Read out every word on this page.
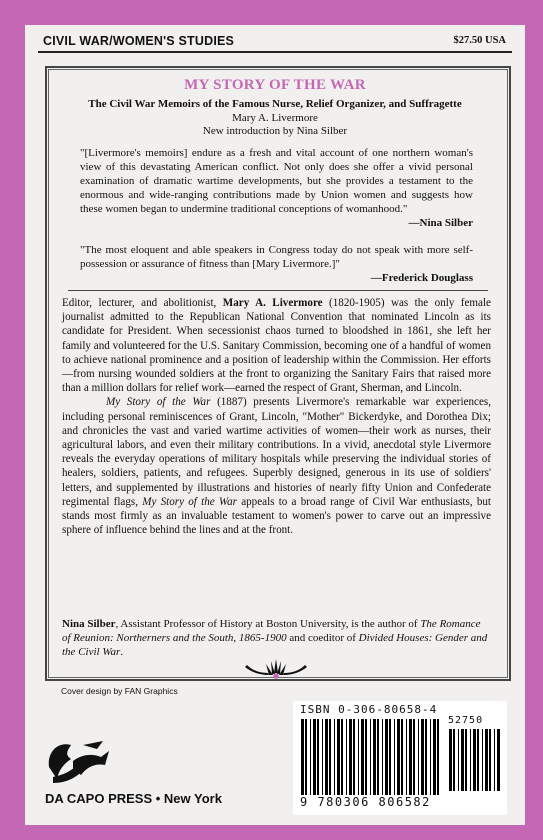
CIVIL WAR/WOMEN'S STUDIES	$27.50 USA
MY STORY OF THE WAR
The Civil War Memoirs of the Famous Nurse, Relief Organizer, and Suffragette
Mary A. Livermore
New introduction by Nina Silber
"[Livermore's memoirs] endure as a fresh and vital account of one northern woman's view of this devastating American conflict. Not only does she offer a vivid personal examination of dramatic wartime developments, but she provides a testament to the enormous and wide-ranging contributions made by Union women and suggests how these women began to undermine traditional conceptions of womanhood."
—Nina Silber
"The most eloquent and able speakers in Congress today do not speak with more self-possession or assurance of fitness than [Mary Livermore.]"
—Frederick Douglass

Editor, lecturer, and abolitionist, Mary A. Livermore (1820-1905) was the only female journalist admitted to the Republican National Convention that nominated Lincoln as its candidate for President. When secessionist chaos turned to bloodshed in 1861, she left her family and volunteered for the U.S. Sanitary Commission, becoming one of a handful of women to achieve national prominence and a position of leadership within the Commission. Her efforts—from nursing wounded soldiers at the front to organizing the Sanitary Fairs that raised more than a million dollars for relief work—earned the respect of Grant, Sherman, and Lincoln.

My Story of the War (1887) presents Livermore's remarkable war experiences, including personal reminiscences of Grant, Lincoln, "Mother" Bickerdyke, and Dorothea Dix; and chronicles the vast and varied wartime activities of women—their work as nurses, their agricultural labors, and even their military contributions. In a vivid, anecdotal style Livermore reveals the everyday operations of military hospitals while preserving the individual stories of healers, soldiers, patients, and refugees. Superbly designed, generous in its use of soldiers' letters, and supplemented by illustrations and histories of nearly fifty Union and Confederate regimental flags, My Story of the War appeals to a broad range of Civil War enthusiasts, but stands most firmly as an invaluable testament to women's power to carve out an impressive sphere of influence behind the lines and at the front.

Nina Silber, Assistant Professor of History at Boston University, is the author of The Romance of Reunion: Northerners and the South, 1865-1900 and coeditor of Divided Houses: Gender and the Civil War.
Cover design by FAN Graphics
ISBN 0-306-80658-4
52750
9 780306 806582
DA CAPO PRESS • New York
